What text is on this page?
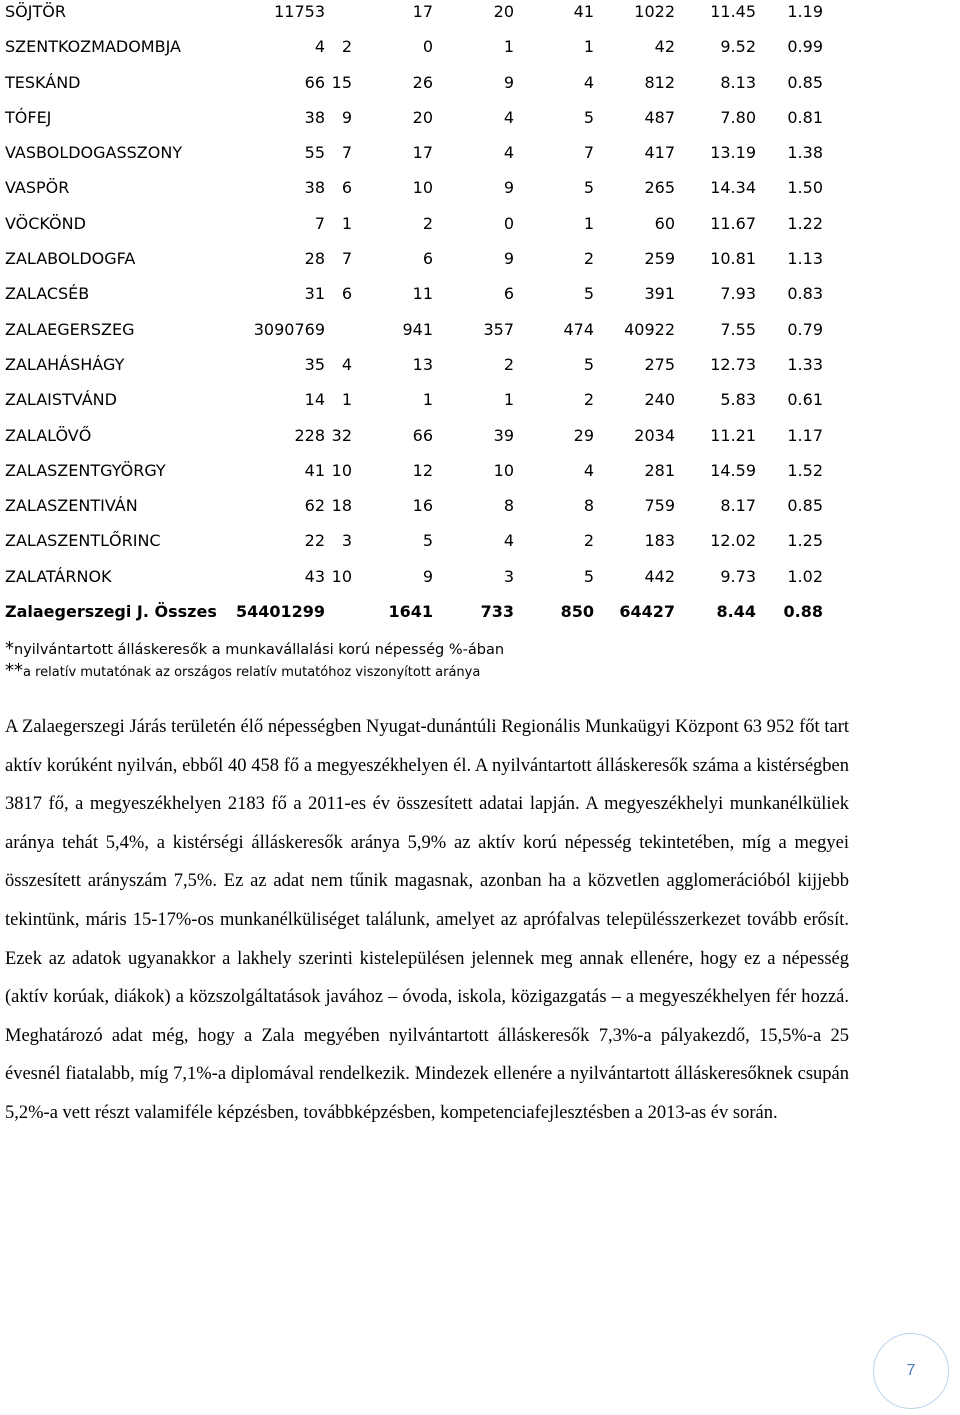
SÖJTÖR	11753	17	20	41	1022 11.45 1.19
SZENTKOZMADOMBJA	4 2	0	1	1	42	9.52 0.99
TESKÁND	66 15	26	9	4	812	8.13 0.85
TÓFEJ	38 9	20	4	5	487	7.80 0.81
VASBOLDOGASSZONY	55 7	17	4	7	417 13.19 1.38
VASPÖR	38 6	10	9	5	265 14.34 1.50
VÖCKÖND	7 1	2	0	1	60 11.67 1.22
ZALABOLDOGFA	28 7	6	9	2	259 10.81 1.13
ZALACSÉB	31 6	11	6	5	391	7.93 0.83
ZALAEGERSZEG	3090769	941	357	474 40922	7.55 0.79
ZALAHÁSHÁGY	35 4	13	2	5	275 12.73 1.33
ZALAISTVÁND	14 1	1	1	2	240	5.83 0.61
ZALALÖVŐ	228 32	66	39	29	2034 11.21 1.17
ZALASZENTGYÖRGY	41 10	12	10	4	281 14.59 1.52
ZALASZENTIVÁN	62 18	16	8	8	759	8.17 0.85
ZALASZENTLŐRINC	22 3	5	4	2	183 12.02 1.25
ZALATÁRNOK	43 10	9	3	5	442	9.73 1.02
Zalaegerszegi J. Összes 54401299	1641	733	850 64427	8.44 0.88
*nyilvántartott álláskeresők a munkavállalási korú népesség %-ában
**a relatív mutatónak az országos relatív mutatóhoz viszonyított aránya

A Zalaegerszegi Járás területén élő népességben Nyugat-dunántúli Regionális Munkaügyi Központ 63 952 főt tart aktív korúként nyilván, ebből 40 458 fő a megyeszékhelyen él. A nyilvántartott álláskeresők száma a kistérségben 3817 fő, a megyeszékhelyen 2183 fő a 2011-es év összesített adatai lapján. A megyeszékhelyi munkanélküliek aránya tehát 5,4%, a kistérségi álláskeresők aránya 5,9% az aktív korú népesség tekintetében, míg a megyei összesített arányszám 7,5%. Ez az adat nem tűnik magasnak, azonban ha a közvetlen agglomerációból kijjebb tekintünk, máris 15-17%-os munkanélküliséget találunk, amelyet az aprófalvas településszerkezet tovább erősít. Ezek az adatok ugyanakkor a lakhely szerinti kistelepülésen jelennek meg annak ellenére, hogy ez a népesség (aktív korúak, diákok) a közszolgáltatások javához – óvoda, iskola, közigazgatás – a megyeszékhelyen fér hozzá. Meghatározó adat még, hogy a Zala megyében nyilvántartott álláskeresők 7,3%-a pályakezdő, 15,5%-a 25 évesnél fiatalabb, míg 7,1%-a diplomával rendelkezik. Mindezek ellenére a nyilvántartott álláskeresőknek csupán 5,2%-a vett részt valamiféle képzésben, továbbképzésben, kompetenciafejlesztésben a 2013-as év során.

7
